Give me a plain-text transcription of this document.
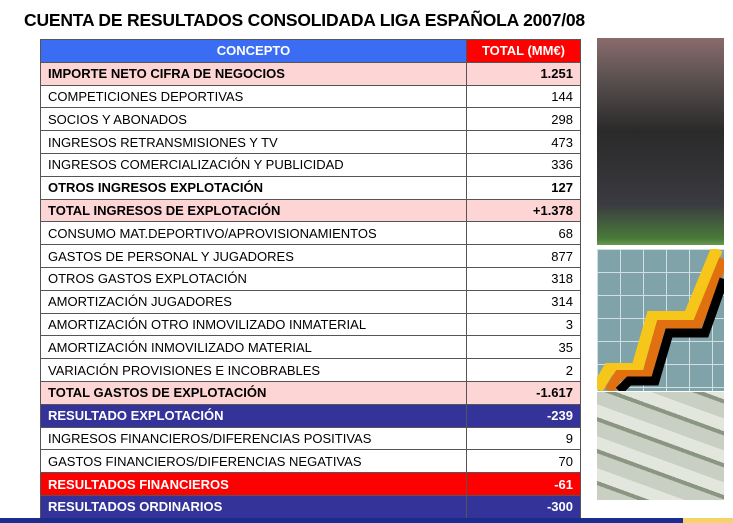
CUENTA DE RESULTADOS CONSOLIDADA LIGA ESPAÑOLA 2007/08
CONCEPTO	TOTAL (MM€)
IMPORTE NETO CIFRA DE NEGOCIOS	1.251
COMPETICIONES DEPORTIVAS	144
SOCIOS Y ABONADOS	298
INGRESOS RETRANSMISIONES Y TV	473
INGRESOS COMERCIALIZACIÓN Y PUBLICIDAD	336
OTROS INGRESOS EXPLOTACIÓN	127
TOTAL INGRESOS DE EXPLOTACIÓN	+1.378
CONSUMO MAT.DEPORTIVO/APROVISIONAMIENTOS	68
GASTOS DE PERSONAL Y JUGADORES	877
OTROS GASTOS EXPLOTACIÓN	318
AMORTIZACIÓN JUGADORES	314
AMORTIZACIÓN OTRO INMOVILIZADO INMATERIAL	3
AMORTIZACIÓN INMOVILIZADO MATERIAL	35
VARIACIÓN PROVISIONES E INCOBRABLES	2
TOTAL GASTOS DE EXPLOTACIÓN	-1.617
RESULTADO EXPLOTACIÓN	-239
INGRESOS FINANCIEROS/DIFERENCIAS POSITIVAS	9
GASTOS FINANCIEROS/DIFERENCIAS NEGATIVAS	70
RESULTADOS FINANCIEROS	-61
RESULTADOS ORDINARIOS	-300
